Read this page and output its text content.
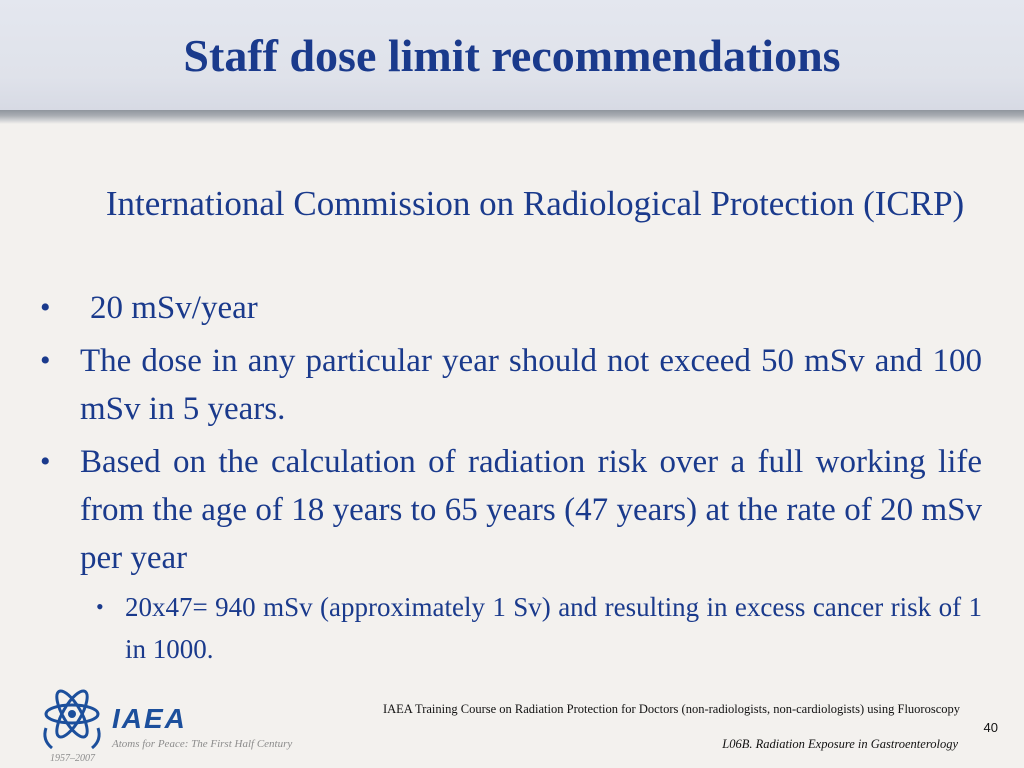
Staff dose limit recommendations

International Commission on Radiological Protection (ICRP)

• 20 mSv/year
• The dose in any particular year should not exceed 50 mSv and 100 mSv in 5 years.
• Based on the calculation of radiation risk over a full working life from the age of 18 years to 65 years (47 years) at the rate of 20 mSv per year
• 20x47= 940 mSv (approximately 1 Sv) and resulting in excess cancer risk of 1 in 1000.
IAEA
Atoms for Peace: The First Half Century
1957–2007

IAEA Training Course on Radiation Protection for Doctors (non-radiologists, non-cardiologists) using Fluoroscopy

L06B. Radiation Exposure in Gastroenterology

40
